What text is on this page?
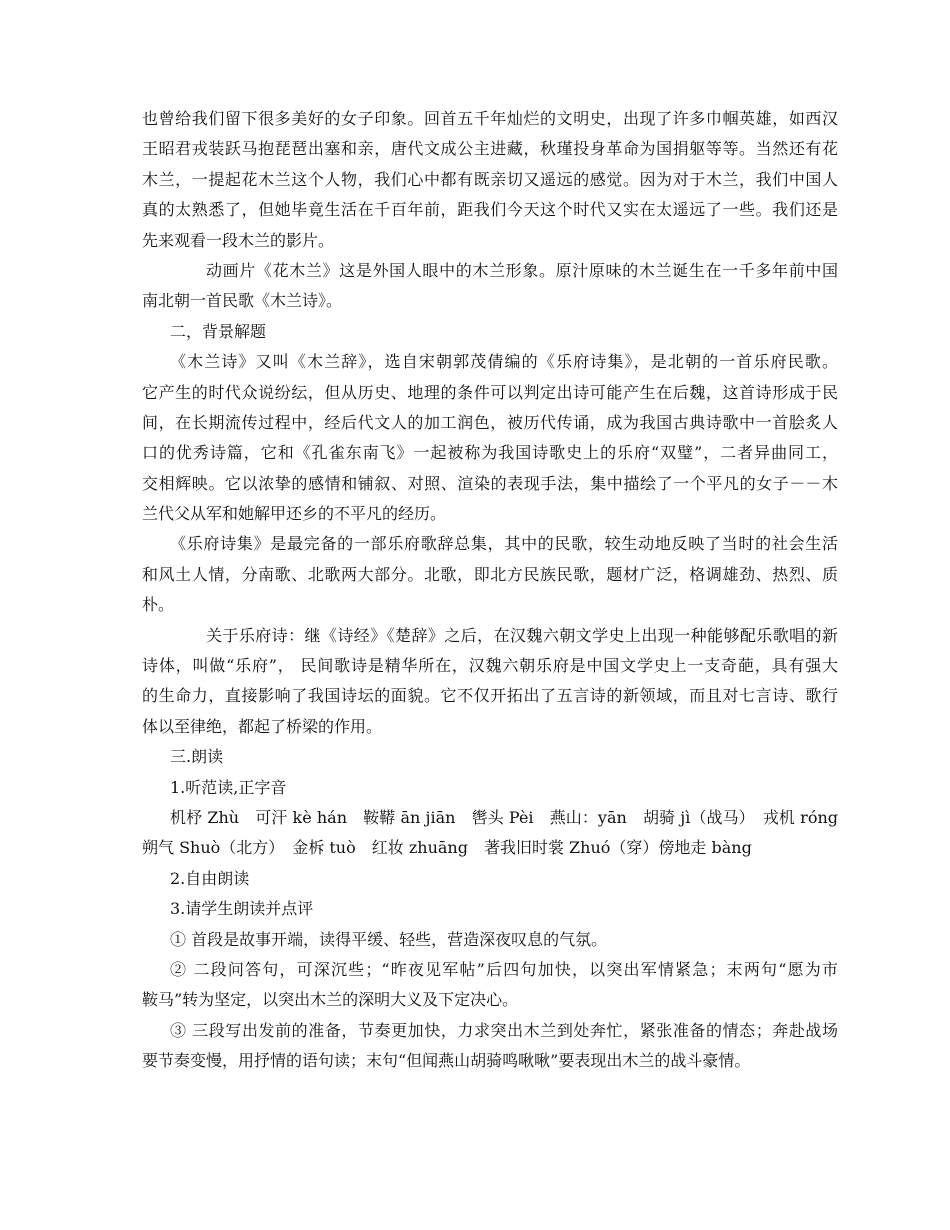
也曾给我们留下很多美好的女子印象。回首五千年灿烂的文明史，出现了许多巾帼英雄，如西汉
王昭君戎装跃马抱琵琶出塞和亲，唐代文成公主进藏，秋瑾投身革命为国捐躯等等。当然还有花
木兰，一提起花木兰这个人物，我们心中都有既亲切又遥远的感觉。因为对于木兰，我们中国人
真的太熟悉了，但她毕竟生活在千百年前，距我们今天这个时代又实在太遥远了一些。我们还是
先来观看一段木兰的影片。
动画片《花木兰》这是外国人眼中的木兰形象。原汁原味的木兰诞生在一千多年前中国
南北朝一首民歌《木兰诗》。
二，背景解题
《木兰诗》又叫《木兰辞》，选自宋朝郭茂倩编的《乐府诗集》，是北朝的一首乐府民歌。
它产生的时代众说纷纭，但从历史、地理的条件可以判定出诗可能产生在后魏，这首诗形成于民
间，在长期流传过程中，经后代文人的加工润色，被历代传诵，成为我国古典诗歌中一首脍炙人
口的优秀诗篇，它和《孔雀东南飞》一起被称为我国诗歌史上的乐府“双璧”，二者异曲同工，
交相辉映。它以浓挚的感情和铺叙、对照、渲染的表现手法，集中描绘了一个平凡的女子－－木
兰代父从军和她解甲还乡的不平凡的经历。
《乐府诗集》是最完备的一部乐府歌辞总集，其中的民歌，较生动地反映了当时的社会生活
和风土人情，分南歌、北歌两大部分。北歌，即北方民族民歌，题材广泛，格调雄劲、热烈、质
朴。
关于乐府诗：继《诗经》《楚辞》之后，在汉魏六朝文学史上出现一种能够配乐歌唱的新
诗体，叫做“乐府”， 民间歌诗是精华所在，汉魏六朝乐府是中国文学史上一支奇葩，具有强大
的生命力，直接影响了我国诗坛的面貌。它不仅开拓出了五言诗的新领域，而且对七言诗、歌行
体以至律绝，都起了桥梁的作用。
三.朗读
1.听范读,正字音
机杼 Zhù　可汗 kè hán　鞍鞯 ān jiān　辔头 Pèi　燕山：yān　胡骑 jì（战马）　戎机 róng
朔气 Shuò（北方）　金柝 tuò　红妆 zhuāng　著我旧时裳 Zhuó（穿）傍地走 bàng
2.自由朗读
3.请学生朗读并点评
① 首段是故事开端，读得平缓、轻些，营造深夜叹息的气氛。
② 二段问答句，可深沉些；“昨夜见军帖”后四句加快，以突出军情紧急；末两句“愿为市
鞍马”转为坚定，以突出木兰的深明大义及下定决心。
③ 三段写出发前的准备，节奏更加快，力求突出木兰到处奔忙，紧张准备的情态；奔赴战场
要节奏变慢，用抒情的语句读；末句“但闻燕山胡骑鸣啾啾”要表现出木兰的战斗豪情。
